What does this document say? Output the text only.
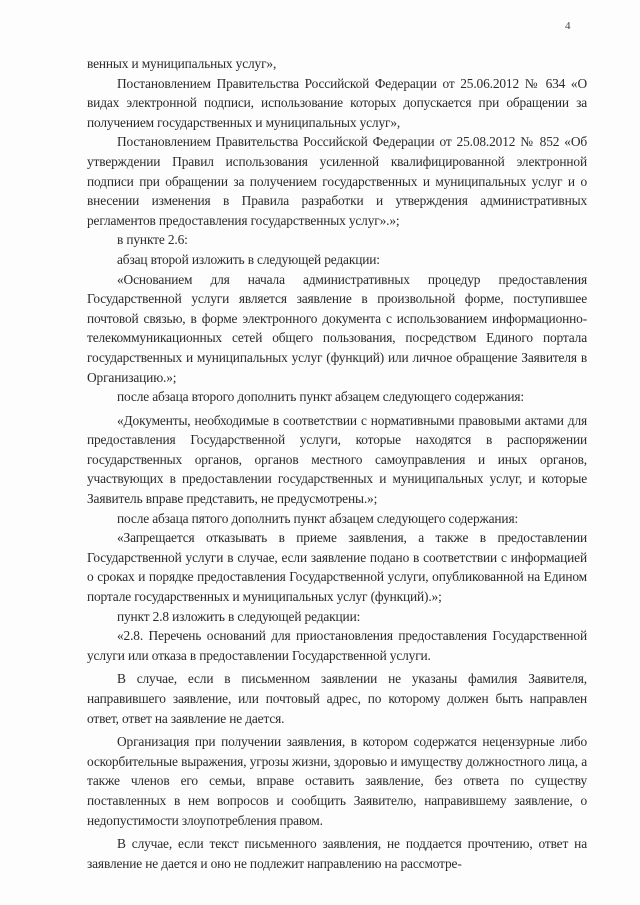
4

венных и муниципальных услуг»,

Постановлением Правительства Российской Федерации от 25.06.2012 № 634 «О видах электронной подписи, использование которых допускается при обращении за получением государственных и муниципальных услуг»,

Постановлением Правительства Российской Федерации от 25.08.2012 № 852 «Об утверждении Правил использования усиленной квалифицированной электронной подписи при обращении за получением государственных и муниципальных услуг и о внесении изменения в Правила разработки и утверждения административных регламентов предоставления государственных услуг».»;

в пункте 2.6:

абзац второй изложить в следующей редакции:

«Основанием для начала административных процедур предоставления Государственной услуги является заявление в произвольной форме, поступившее почтовой связью, в форме электронного документа с использованием информационно-телекоммуникационных сетей общего пользования, посредством Единого портала государственных и муниципальных услуг (функций) или личное обращение Заявителя в Организацию.»;

после абзаца второго дополнить пункт абзацем следующего содержания:

«Документы, необходимые в соответствии с нормативными правовыми актами для предоставления Государственной услуги, которые находятся в распоряжении государственных органов, органов местного самоуправления и иных органов, участвующих в предоставлении государственных и муниципальных услуг, и которые Заявитель вправе представить, не предусмотрены.»;

после абзаца пятого дополнить пункт абзацем следующего содержания:

«Запрещается отказывать в приеме заявления, а также в предоставлении Государственной услуги в случае, если заявление подано в соответствии с информацией о сроках и порядке предоставления Государственной услуги, опубликованной на Едином портале государственных и муниципальных услуг (функций).»;

пункт 2.8 изложить в следующей редакции:

«2.8. Перечень оснований для приостановления предоставления Государственной услуги или отказа в предоставлении Государственной услуги.

В случае, если в письменном заявлении не указаны фамилия Заявителя, направившего заявление, или почтовый адрес, по которому должен быть направлен ответ, ответ на заявление не дается.

Организация при получении заявления, в котором содержатся нецензурные либо оскорбительные выражения, угрозы жизни, здоровью и имуществу должностного лица, а также членов его семьи, вправе оставить заявление, без ответа по существу поставленных в нем вопросов и сообщить Заявителю, направившему заявление, о недопустимости злоупотребления правом.

В случае, если текст письменного заявления, не поддается прочтению, ответ на заявление не дается и оно не подлежит направлению на рассмотре-
